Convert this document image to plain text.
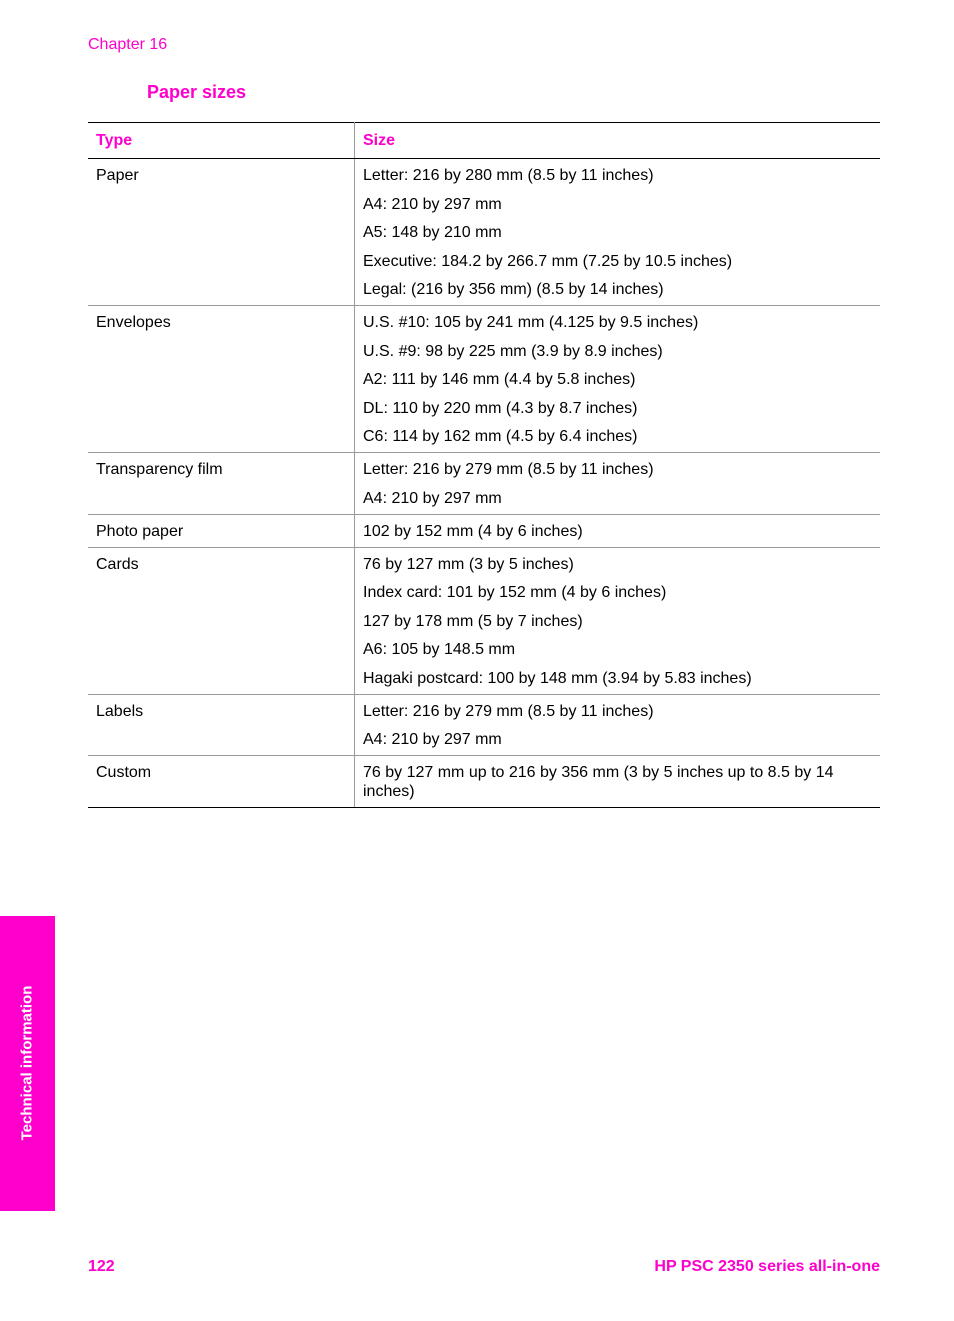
Chapter 16
Paper sizes
Type	Size
Paper	Letter: 216 by 280 mm (8.5 by 11 inches)
A4: 210 by 297 mm
A5: 148 by 210 mm
Executive: 184.2 by 266.7 mm (7.25 by 10.5 inches)
Legal: (216 by 356 mm) (8.5 by 14 inches)

Envelopes	U.S. #10: 105 by 241 mm (4.125 by 9.5 inches)
U.S. #9: 98 by 225 mm (3.9 by 8.9 inches)
A2: 111 by 146 mm (4.4 by 5.8 inches)
DL: 110 by 220 mm (4.3 by 8.7 inches)
C6: 114 by 162 mm (4.5 by 6.4 inches)

Transparency film	Letter: 216 by 279 mm (8.5 by 11 inches)
A4: 210 by 297 mm

Photo paper	102 by 152 mm (4 by 6 inches)

Cards	76 by 127 mm (3 by 5 inches)
Index card: 101 by 152 mm (4 by 6 inches)
127 by 178 mm (5 by 7 inches)
A6: 105 by 148.5 mm
Hagaki postcard: 100 by 148 mm (3.94 by 5.83 inches)

Labels	Letter: 216 by 279 mm (8.5 by 11 inches)
A4: 210 by 297 mm

Custom	76 by 127 mm up to 216 by 356 mm (3 by 5 inches up to 8.5 by 14 inches)
Technical information
122	HP PSC 2350 series all-in-one
